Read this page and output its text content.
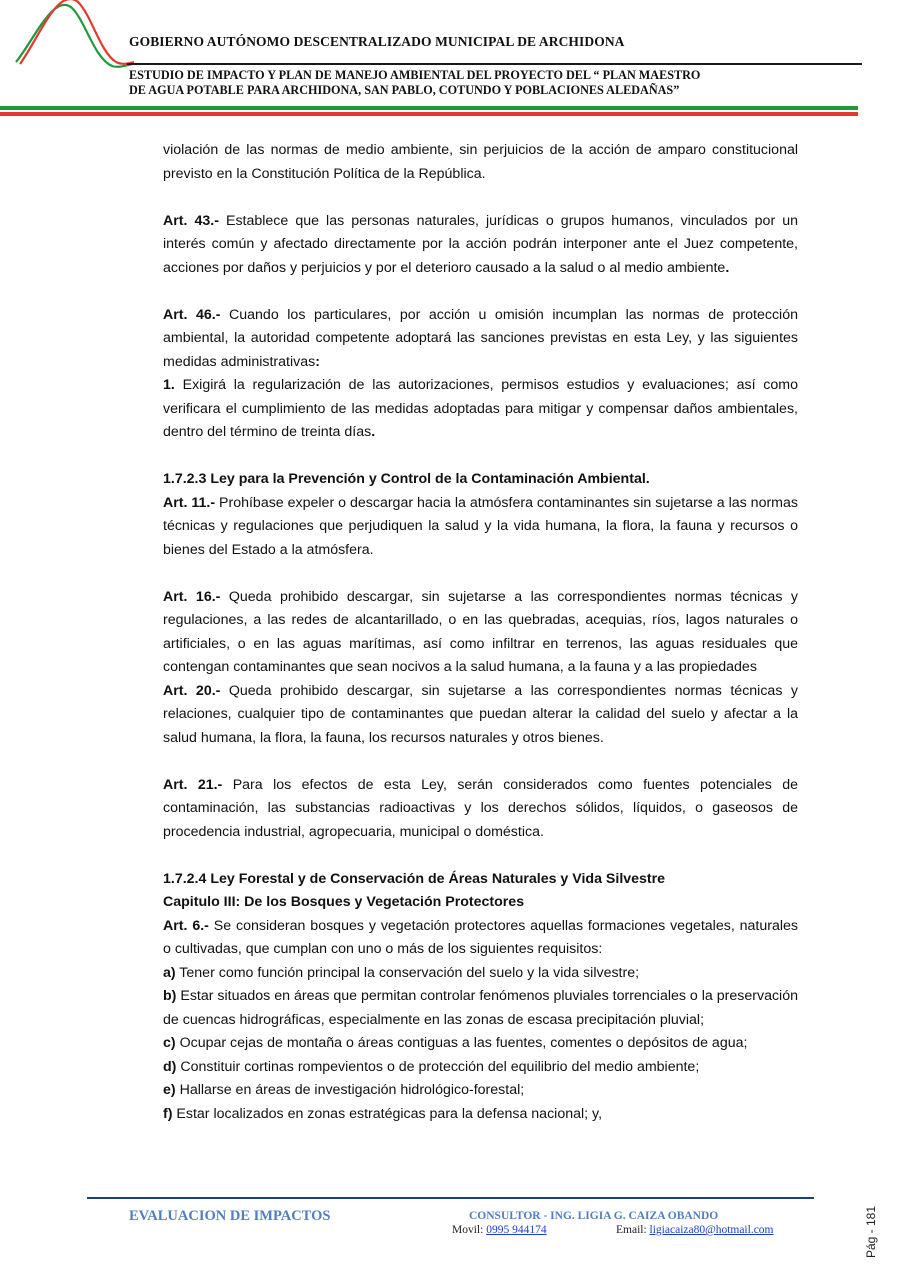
GOBIERNO AUTÓNOMO DESCENTRALIZADO MUNICIPAL DE ARCHIDONA
ESTUDIO DE IMPACTO Y PLAN DE MANEJO AMBIENTAL DEL PROYECTO DEL “ PLAN MAESTRO
DE AGUA POTABLE PARA ARCHIDONA, SAN PABLO, COTUNDO Y POBLACIONES ALEDAÑAS”

violación de las normas de medio ambiente, sin perjuicios de la acción de amparo constitucional previsto en la Constitución Política de la República.

Art. 43.- Establece que las personas naturales, jurídicas o grupos humanos, vinculados por un interés común y afectado directamente por la acción podrán interponer ante el Juez competente, acciones por daños y perjuicios y por el deterioro causado a la salud o al medio ambiente.

Art. 46.- Cuando los particulares, por acción u omisión incumplan las normas de protección ambiental, la autoridad competente adoptará las sanciones previstas en esta Ley, y las siguientes medidas administrativas:

1. Exigirá la regularización de las autorizaciones, permisos estudios y evaluaciones; así como verificara el cumplimiento de las medidas adoptadas para mitigar y compensar daños ambientales, dentro del término de treinta días.

1.7.2.3 Ley para la Prevención y Control de la Contaminación Ambiental.

Art. 11.- Prohíbase expeler o descargar hacia la atmósfera contaminantes sin sujetarse a las normas técnicas y regulaciones que perjudiquen la salud y la vida humana, la flora, la fauna y recursos o bienes del Estado a la atmósfera.

Art. 16.- Queda prohibido descargar, sin sujetarse a las correspondientes normas técnicas y regulaciones, a las redes de alcantarillado, o en las quebradas, acequias, ríos, lagos naturales o artificiales, o en las aguas marítimas, así como infiltrar en terrenos, las aguas residuales que contengan contaminantes que sean nocivos a la salud humana, a la fauna y a las propiedades

Art. 20.- Queda prohibido descargar, sin sujetarse a las correspondientes normas técnicas y relaciones, cualquier tipo de contaminantes que puedan alterar la calidad del suelo y afectar a la salud humana, la flora, la fauna, los recursos naturales y otros bienes.

Art. 21.- Para los efectos de esta Ley, serán considerados como fuentes potenciales de contaminación, las substancias radioactivas y los derechos sólidos, líquidos, o gaseosos de procedencia industrial, agropecuaria, municipal o doméstica.

1.7.2.4 Ley Forestal y de Conservación de Áreas Naturales y Vida Silvestre

Capitulo III: De los Bosques y Vegetación Protectores

Art. 6.- Se consideran bosques y vegetación protectores aquellas formaciones vegetales, naturales o cultivadas, que cumplan con uno o más de los siguientes requisitos:

a) Tener como función principal la conservación del suelo y la vida silvestre;

b) Estar situados en áreas que permitan controlar fenómenos pluviales torrenciales o la preservación de cuencas hidrográficas, especialmente en las zonas de escasa precipitación pluvial;

c) Ocupar cejas de montaña o áreas contiguas a las fuentes, comentes o depósitos de agua;

d) Constituir cortinas rompevientos o de protección del equilibrio del medio ambiente;

e) Hallarse en áreas de investigación hidrológico-forestal;

f) Estar localizados en zonas estratégicas para la defensa nacional; y,

EVALUACION DE IMPACTOS	CONSULTOR - ING. LIGIA G. CAIZA OBANDO
Movil: 0995 944174	Email: ligiacaiza80@hotmail.com	Pág - 181
